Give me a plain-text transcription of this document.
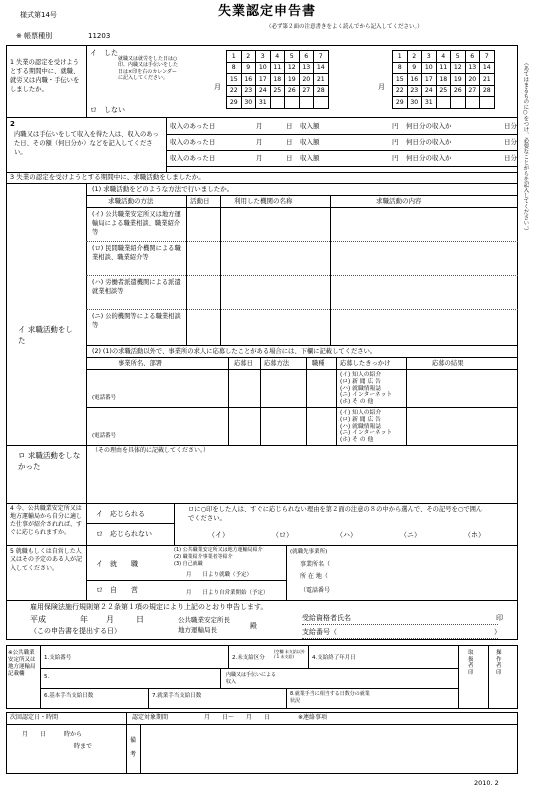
様式第14号	失業認定申告書
（必ず第２面の注意書きをよく読んでから記入してください。）
※ 帳票種別	11203
（あてはまるものに○をつけ、必要なことがらを記入してください。）
1 失業の認定を受けようとする期間中に、就職、就労又は内職・手伝いをしましたか。
イ　した
就職又は就労をした日は○印、内職又は手伝いをした日は×印を右のカレンダーに記入してください。
ロ　しない
月	月
	1	2	3	4	5	6	7
	8	9	10	11	12	13	14
	15	16	17	18	19	20	21
	22	23	24	25	26	27	28
	29	30	31				
	1	2	3	4	5	6	7
	8	9	10	11	12	13	14
	15	16	17	18	19	20	21
	22	23	24	25	26	27	28
	29	30	31				
2
内職又は手伝いをして収入を得た人は、収入のあった日、その額（何日分か）などを記入してください。
収入のあった日	月	日 収入額	円 何日分の収入か	日分
収入のあった日	月	日 収入額	円 何日分の収入か	日分
収入のあった日	月	日 収入額	円 何日分の収入か	日分
3 失業の認定を受けようとする期間中に、求職活動をしましたか。
(1) 求職活動をどのような方法で行いましたか。
求職活動の方法	活動日	利用した機関の名称	求職活動の内容
(イ) 公共職業安定所又は地方運輸局による職業相談、職業紹介等
(ロ) 民間職業紹介機関による職業相談、職業紹介等
(ハ) 労働者派遣機関による派遣就業相談等
(ニ) 公的機関等による職業相談等
イ 求職活動をした
(2) (1)の求職活動以外で、事業所の求人に応募したことがある場合には、下欄に記載してください。
事業所名、部署	応募日 応募方法	職種 応募したきっかけ	応募の結果
(電話番号
(イ) 知人の紹介
(ロ) 新 聞 広 告
(ハ) 就職情報誌
(ニ) インターネット
(ホ) そ の 他
(電話番号
(イ) 知人の紹介
(ロ) 新 聞 広 告
(ハ) 就職情報誌
(ニ) インターネット
(ホ) そ の 他
ロ 求職活動をしなかった
（その理由を具体的に記載してください。）
4 今、公共職業安定所又は地方運輸局から自分に適した仕事が紹介されれば、すぐに応じられますか。
イ　応じられる
ロ　応じられない
ロに○印をした人は、すぐに応じられない理由を第２面の注意の８の中から選んで、その記号を○で囲んでください。
（イ）	（ロ）	（ハ）	（ニ）	（ホ）
5 就職もしくは自営した人又はその予定のある人が記入してください。
イ　就　　職
ロ　自　　営
(1) 公共職業安定所又は地方運輸局紹介
(2) 職業紹介事業者等紹介
(3) 自己就職
月　　日より就職（予定）
月　　日より自営業開始（予定）
(就職先事業所)
事業所名（
所 在 地（
（電話番号
雇用保険法施行規則第２２条第１項の規定により上記のとおり申告します。
平成	年 月	日
（この申告書を提出する日）
公共職業安定所長
地方運輸局長	殿
受給資格者氏名	印
支給番号（	）
※公共職業安定所又は地方運輸局記載欄
1.支給番号	2.未支給区分
(空欄 未支給以外 / 1 未支給)	4.支給終了年月日
5.	内職又は手伝いによる収入
6.基本手当支給日数	7.就業手当支給日数	8.就業手当に相当する日数分の就業状況
取扱者印
操作者印
次回認定日・時間
月　　日　　　時から
時まで
認定対象期間	月　　日～　　月　　日	※連絡事項
備考
2010. 2
